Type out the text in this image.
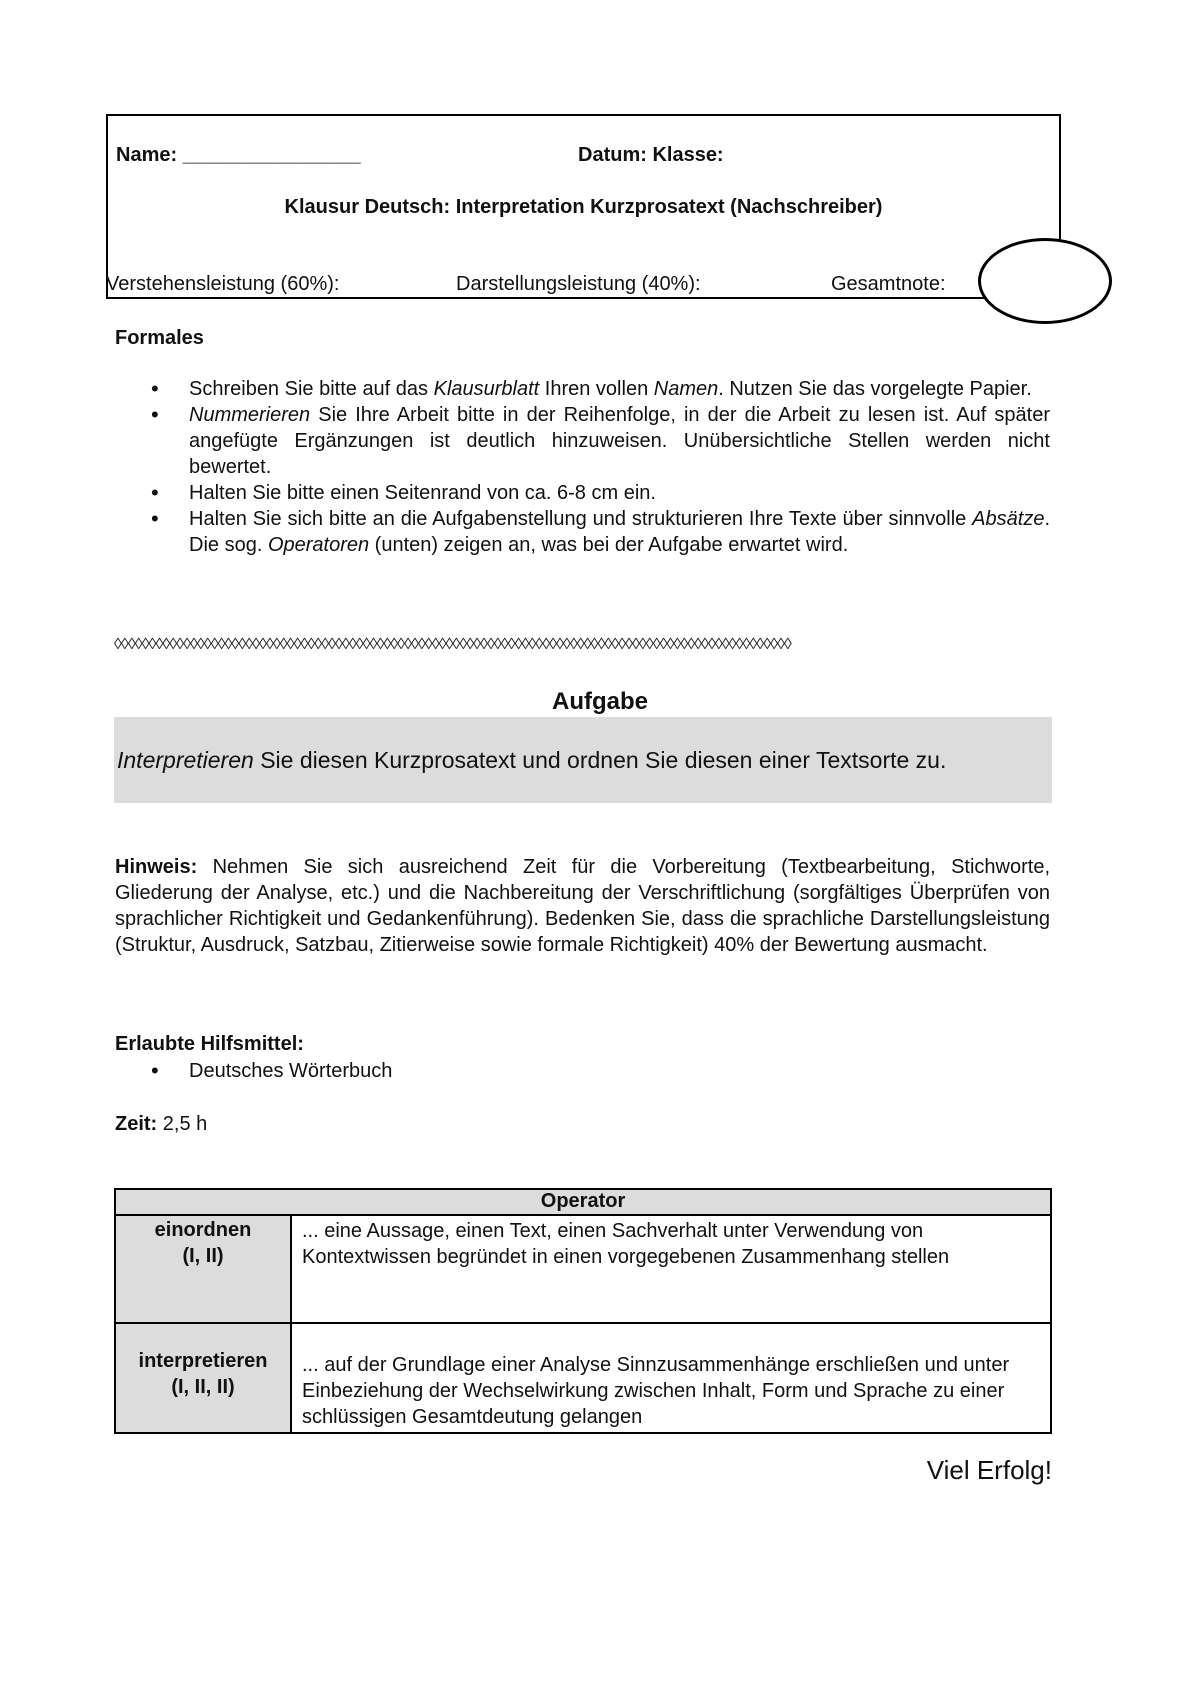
Name: ________________	Datum: Klasse:
Klausur Deutsch: Interpretation Kurzprosatext (Nachschreiber)
Verstehensleistung (60%):	Darstellungsleistung (40%):	Gesamtnote:
Formales
• Schreiben Sie bitte auf das Klausurblatt Ihren vollen Namen. Nutzen Sie das vorgelegte Papier.
• Nummerieren Sie Ihre Arbeit bitte in der Reihenfolge, in der die Arbeit zu lesen ist. Auf später angefügte Ergänzungen ist deutlich hinzuweisen. Unübersichtliche Stellen werden nicht bewertet.
• Halten Sie bitte einen Seitenrand von ca. 6-8 cm ein.
• Halten Sie sich bitte an die Aufgabenstellung und strukturieren Ihre Texte über sinnvolle Absätze. Die sog. Operatoren (unten) zeigen an, was bei der Aufgabe erwartet wird.
◊◊◊◊◊◊◊◊◊◊◊◊◊◊◊◊◊◊◊◊◊◊◊◊◊◊◊◊◊◊◊◊◊◊◊◊◊◊◊◊◊◊◊◊◊◊◊◊◊◊◊◊◊◊◊◊◊◊◊◊◊◊◊◊◊◊◊◊◊◊◊◊◊◊◊◊◊◊◊◊◊◊◊◊◊◊◊◊◊◊◊◊◊◊◊◊◊◊
Aufgabe
Interpretieren Sie diesen Kurzprosatext und ordnen Sie diesen einer Textsorte zu.
Hinweis: Nehmen Sie sich ausreichend Zeit für die Vorbereitung (Textbearbeitung, Stichworte, Gliederung der Analyse, etc.) und die Nachbereitung der Verschriftlichung (sorgfältiges Überprüfen von sprachlicher Richtigkeit und Gedankenführung). Bedenken Sie, dass die sprachliche Darstellungsleistung (Struktur, Ausdruck, Satzbau, Zitierweise sowie formale Richtigkeit) 40% der Bewertung ausmacht.
Erlaubte Hilfsmittel:
• Deutsches Wörterbuch
Zeit: 2,5 h
Operator	

einordnen
(I, II)	... eine Aussage, einen Text, einen Sachverhalt unter Verwendung von Kontextwissen begründet in einen vorgegebenen Zusammenhang stellen

interpretieren
(I, II, II)	... auf der Grundlage einer Analyse Sinnzusammenhänge erschließen und unter Einbeziehung der Wechselwirkung zwischen Inhalt, Form und Sprache zu einer schlüssigen Gesamtdeutung gelangen
Viel Erfolg!
